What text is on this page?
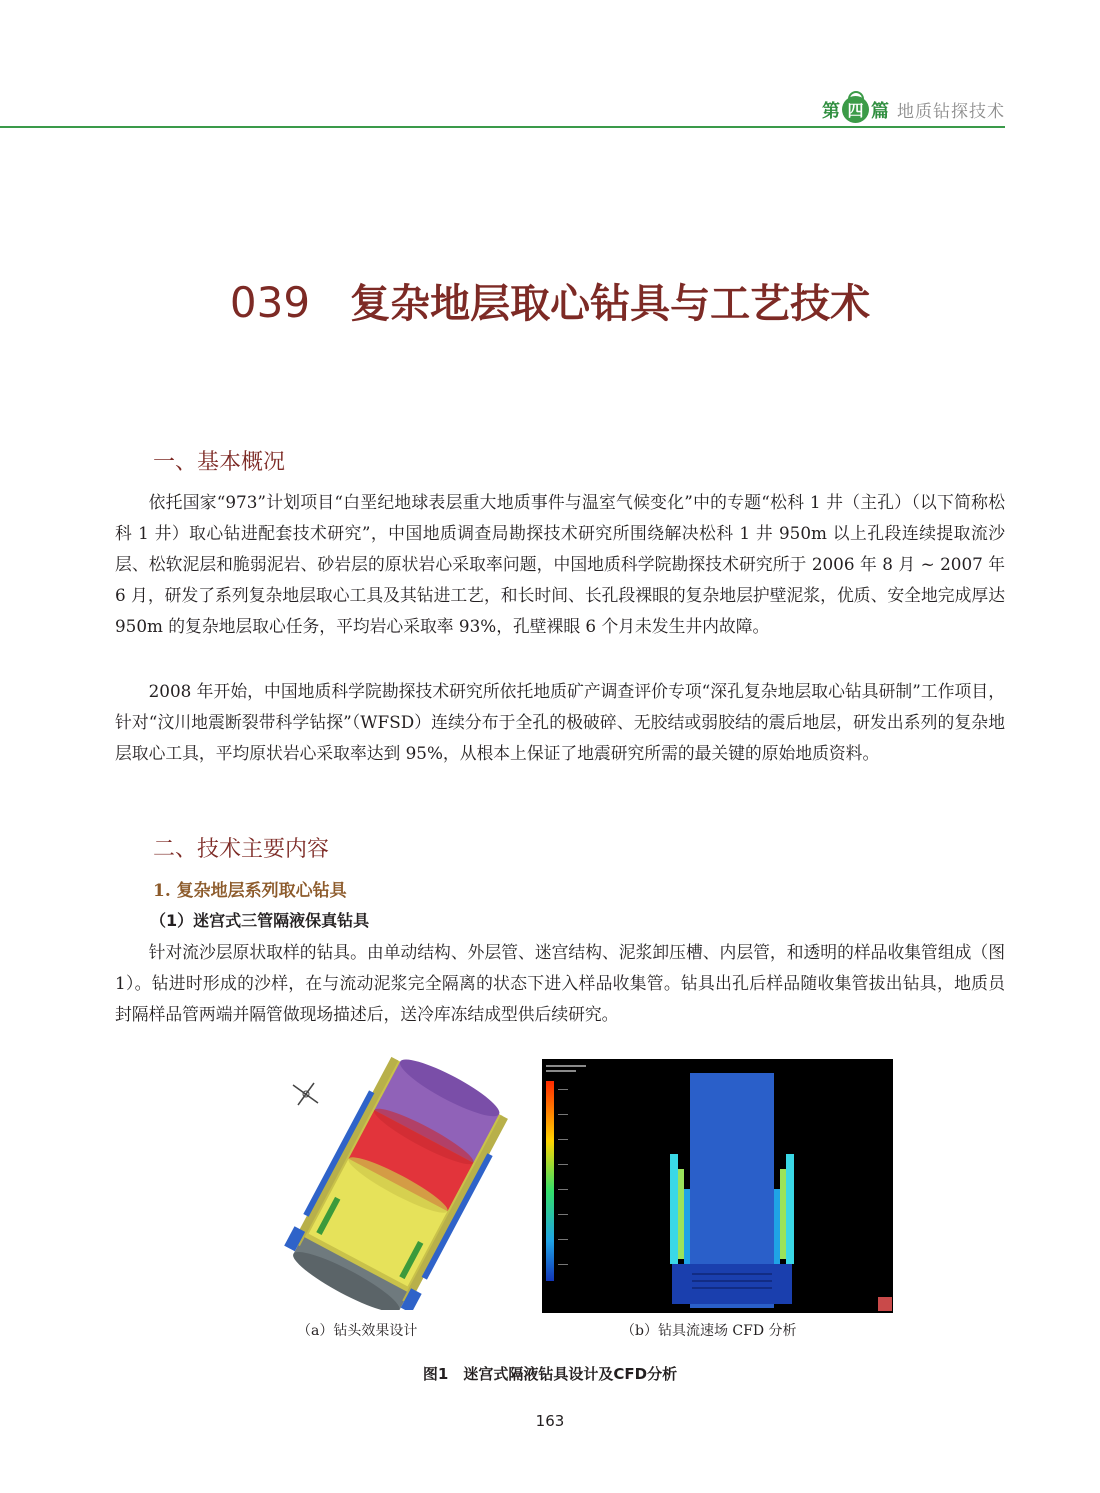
第 四 篇 地质钻探技术
039 复杂地层取心钻具与工艺技术
一、基本概况

依托国家“973”计划项目“白垩纪地球表层重大地质事件与温室气候变化”中的专题“松科 1 井（主孔）（以下简称松科 1 井）取心钻进配套技术研究”，中国地质调查局勘探技术研究所围绕解决松科 1 井 950m 以上孔段连续提取流沙层、松软泥层和脆弱泥岩、砂岩层的原状岩心采取率问题，中国地质科学院勘探技术研究所于 2006 年 8 月 ~ 2007 年 6 月，研发了系列复杂地层取心工具及其钻进工艺，和长时间、长孔段裸眼的复杂地层护壁泥浆，优质、安全地完成厚达 950m 的复杂地层取心任务，平均岩心采取率 93%，孔壁裸眼 6 个月未发生井内故障。

2008 年开始，中国地质科学院勘探技术研究所依托地质矿产调查评价专项“深孔复杂地层取心钻具研制”工作项目，针对“汶川地震断裂带科学钻探”（WFSD）连续分布于全孔的极破碎、无胶结或弱胶结的震后地层，研发出系列的复杂地层取心工具，平均原状岩心采取率达到 95%，从根本上保证了地震研究所需的最关键的原始地质资料。

二、技术主要内容
1. 复杂地层系列取心钻具
（1）迷宫式三管隔液保真钻具

针对流沙层原状取样的钻具。由单动结构、外层管、迷宫结构、泥浆卸压槽、内层管，和透明的样品收集管组成（图 1）。钻进时形成的沙样，在与流动泥浆完全隔离的状态下进入样品收集管。钻具出孔后样品随收集管拔出钻具，地质员封隔样品管两端并隔管做现场描述后，送冷库冻结成型供后续研究。

（a）钻头效果设计	（b）钻具流速场 CFD 分析
图1　迷宫式隔液钻具设计及CFD分析
163
